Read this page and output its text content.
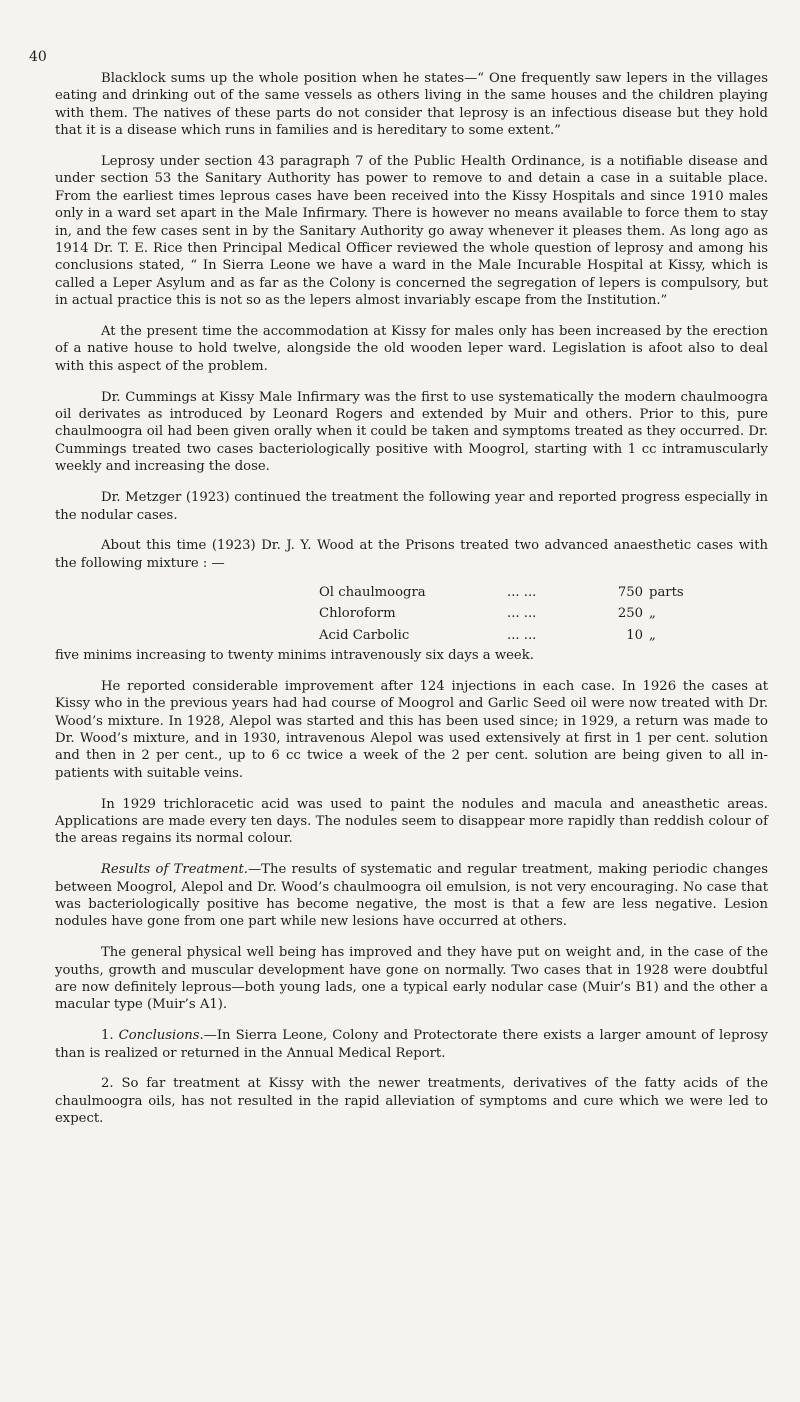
40

Blacklock sums up the whole position when he states—“ One frequently saw lepers in the villages eating and drinking out of the same vessels as others living in the same houses and the children playing with them. The natives of these parts do not consider that leprosy is an infectious disease but they hold that it is a disease which runs in families and is hereditary to some extent.”

Leprosy under section 43 paragraph 7 of the Public Health Ordinance, is a notifiable disease and under section 53 the Sanitary Authority has power to remove to and detain a case in a suitable place. From the earliest times leprous cases have been received into the Kissy Hospitals and since 1910 males only in a ward set apart in the Male Infirmary. There is however no means available to force them to stay in, and the few cases sent in by the Sanitary Authority go away whenever it pleases them. As long ago as 1914 Dr. T. E. Rice then Principal Medical Officer reviewed the whole question of leprosy and among his conclusions stated, “ In Sierra Leone we have a ward in the Male Incurable Hospital at Kissy, which is called a Leper Asylum and as far as the Colony is concerned the segregation of lepers is compulsory, but in actual practice this is not so as the lepers almost invariably escape from the Institution.”

At the present time the accommodation at Kissy for males only has been increased by the erection of a native house to hold twelve, alongside the old wooden leper ward. Legislation is afoot also to deal with this aspect of the problem.

Dr. Cummings at Kissy Male Infirmary was the first to use systematically the modern chaulmoogra oil derivates as introduced by Leonard Rogers and extended by Muir and others. Prior to this, pure chaulmoogra oil had been given orally when it could be taken and symptoms treated as they occurred. Dr. Cummings treated two cases bacteriologically positive with Moogrol, starting with 1 cc intramuscularly weekly and increasing the dose.

Dr. Metzger (1923) continued the treatment the following year and reported progress especially in the nodular cases.

About this time (1923) Dr. J. Y. Wood at the Prisons treated two advanced anaesthetic cases with the following mixture : —

Ol chaulmoogra	... ...	750 parts
Chloroform	... ...	250 „
Acid Carbolic	... ...	10 „

five minims increasing to twenty minims intravenously six days a week.

He reported considerable improvement after 124 injections in each case. In 1926 the cases at Kissy who in the previous years had had course of Moogrol and Garlic Seed oil were now treated with Dr. Wood’s mixture. In 1928, Alepol was started and this has been used since; in 1929, a return was made to Dr. Wood’s mixture, and in 1930, intravenous Alepol was used extensively at first in 1 per cent. solution and then in 2 per cent., up to 6 cc twice a week of the 2 per cent. solution are being given to all in-patients with suitable veins.

In 1929 trichloracetic acid was used to paint the nodules and macula and aneasthetic areas. Applications are made every ten days. The nodules seem to disappear more rapidly than reddish colour of the areas regains its normal colour.

Results of Treatment.—The results of systematic and regular treatment, making periodic changes between Moogrol, Alepol and Dr. Wood’s chaulmoogra oil emulsion, is not very encouraging. No case that was bacteriologically positive has become negative, the most is that a few are less negative. Lesion nodules have gone from one part while new lesions have occurred at others.

The general physical well being has improved and they have put on weight and, in the case of the youths, growth and muscular development have gone on normally. Two cases that in 1928 were doubtful are now definitely leprous—both young lads, one a typical early nodular case (Muir’s B1) and the other a macular type (Muir’s A1).

1. Conclusions.—In Sierra Leone, Colony and Protectorate there exists a larger amount of leprosy than is realized or returned in the Annual Medical Report.

2. So far treatment at Kissy with the newer treatments, derivatives of the fatty acids of the chaulmoogra oils, has not resulted in the rapid alleviation of symptoms and cure which we were led to expect.
